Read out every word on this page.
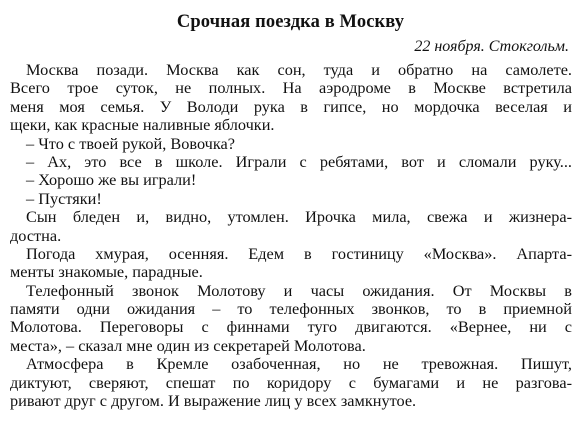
Срочная поездка в Москву
22 ноября. Стокгольм.
Москва позади. Москва как сон, туда и обратно на самолете.
Всего трое суток, не полных. На аэродроме в Москве встретила
меня моя семья. У Володи рука в гипсе, но мордочка веселая и
щеки, как красные наливные яблочки.
– Что с твоей рукой, Вовочка?
– Ах, это все в школе. Играли с ребятами, вот и сломали руку...
– Хорошо же вы играли!
– Пустяки!
Сын бледен и, видно, утомлен. Ирочка мила, свежа и жизнера-
достна.
Погода хмурая, осенняя. Едем в гостиницу «Москва». Апарта-
менты знакомые, парадные.
Телефонный звонок Молотову и часы ожидания. От Москвы в
памяти одни ожидания – то телефонных звонков, то в приемной
Молотова. Переговоры с финнами туго двигаются. «Вернее, ни с
места», – сказал мне один из секретарей Молотова.
Атмосфера в Кремле озабоченная, но не тревожная. Пишут,
диктуют, сверяют, спешат по коридору с бумагами и не разгова-
ривают друг с другом. И выражение лиц у всех замкнутое.
